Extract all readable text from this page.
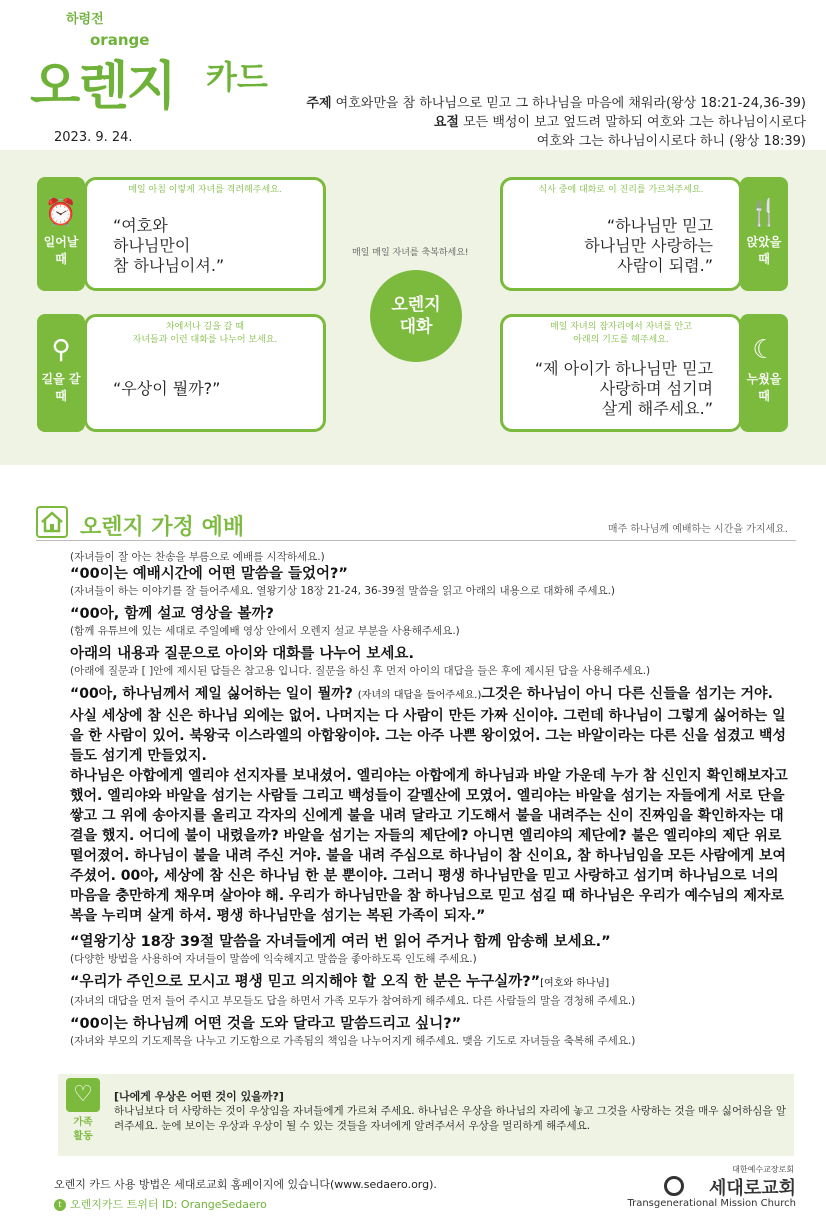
하령전
orange
오렌지 카드
주제 여호와만을 참 하나님으로 믿고 그 하나님을 마음에 채워라(왕상 18:21-24,36-39)
요절 모든 백성이 보고 엎드려 말하되 여호와 그는 하나님이시로다
여호와 그는 하나님이시로다 하니 (왕상 18:39)
2023. 9. 24.
⏰
일어날
때
매일 아침 이렇게 자녀를 격려해주세요.
“여호와
하나님만이
참 하나님이셔.”
식사 중에 대화로 이 진리를 가르쳐주세요.
“하나님만 믿고
하나님만 사랑하는
사람이 되렴.”
🍴
앉았을
때
매일 매일 자녀를 축복하세요!
오렌지
대화
⚲
길을 갈
때
차에서나 길을 갈 때
자녀들과 이런 대화를 나누어 보세요.
“우상이 뭘까?”
매일 자녀의 잠자리에서 자녀를 안고
아래의 기도를 해주세요.
“제 아이가 하나님만 믿고
사랑하며 섬기며
살게 해주세요.”
☾
누웠을
때
오렌지 가정 예배	매주 하나님께 예배하는 시간을 가지세요.
(자녀들이 잘 아는 찬송을 부름으로 예배를 시작하세요.)
“00이는 예배시간에 어떤 말씀을 들었어?”
(자녀들이 하는 이야기를 잘 들어주세요. 열왕기상 18장 21-24, 36-39절 말씀을 읽고 아래의 내용으로 대화해 주세요.)
“00아, 함께 설교 영상을 볼까?
(함께 유튜브에 있는 세대로 주일예배 영상 안에서 오렌지 설교 부분을 사용해주세요.)
아래의 내용과 질문으로 아이와 대화를 나누어 보세요.
(아래에 질문과 [ ]안에 제시된 답들은 참고용 입니다. 질문을 하신 후 먼저 아이의 대답을 들은 후에 제시된 답을 사용해주세요.)
“00아, 하나님께서 제일 싫어하는 일이 뭘까? (자녀의 대답을 들어주세요.)그것은 하나님이 아니 다른 신들을 섬기는 거야. 사실 세상에 참 신은 하나님 외에는 없어. 나머지는 다 사람이 만든 가짜 신이야. 그런데 하나님이 그렇게 싫어하는 일을 한 사람이 있어. 북왕국 이스라엘의 아합왕이야. 그는 아주 나쁜 왕이었어. 그는 바알이라는 다른 신을 섬겼고 백성들도 섬기게 만들었지.
하나님은 아합에게 엘리야 선지자를 보내셨어. 엘리야는 아합에게 하나님과 바알 가운데 누가 참 신인지 확인해보자고 했어. 엘리야와 바알을 섬기는 사람들 그리고 백성들이 갈멜산에 모였어. 엘리야는 바알을 섬기는 자들에게 서로 단을 쌓고 그 위에 송아지를 올리고 각자의 신에게 불을 내려 달라고 기도해서 불을 내려주는 신이 진짜임을 확인하자는 대결을 했지. 어디에 불이 내렸을까? 바알을 섬기는 자들의 제단에? 아니면 엘리야의 제단에? 불은 엘리야의 제단 위로 떨어졌어. 하나님이 불을 내려 주신 거야. 불을 내려 주심으로 하나님이 참 신이요, 참 하나님임을 모든 사람에게 보여 주셨어. 00아, 세상에 참 신은 하나님 한 분 뿐이야. 그러니 평생 하나님만을 믿고 사랑하고 섬기며 하나님으로 너의 마음을 충만하게 채우며 살아야 해. 우리가 하나님만을 참 하나님으로 믿고 섬길 때 하나님은 우리가 예수님의 제자로 복을 누리며 살게 하셔. 평생 하나님만을 섬기는 복된 가족이 되자.”
“열왕기상 18장 39절 말씀을 자녀들에게 여러 번 읽어 주거나 함께 암송해 보세요.”
(다양한 방법을 사용하여 자녀들이 말씀에 익숙해지고 말씀을 좋아하도록 인도해 주세요.)
“우리가 주인으로 모시고 평생 믿고 의지해야 할 오직 한 분은 누구실까?”[여호와 하나님]
(자녀의 대답을 먼저 들어 주시고 부모들도 답을 하면서 가족 모두가 참여하게 해주세요. 다른 사람들의 말을 경청해 주세요.)
“00이는 하나님께 어떤 것을 도와 달라고 말씀드리고 싶니?”
(자녀와 부모의 기도제목을 나누고 기도함으로 가족됨의 책임을 나누어지게 해주세요. 맺음 기도로 자녀들을 축복해 주세요.)
♡
가족
활동
[나에게 우상은 어떤 것이 있을까?]
하나님보다 더 사랑하는 것이 우상임을 자녀들에게 가르쳐 주세요. 하나님은 우상을 하나님의 자리에 놓고 그것을 사랑하는 것을 매우 싫어하심을 알려주세요. 눈에 보이는 우상과 우상이 될 수 있는 것들을 자녀에게 알려주셔서 우상을 멀리하게 해주세요.
오렌지 카드 사용 방법은 세대로교회 홈페이지에 있습니다(www.sedaero.org).
t 오렌지카드 트위터 ID: OrangeSedaero
대한예수교장로회
세대로교회
Transgenerational Mission Church
